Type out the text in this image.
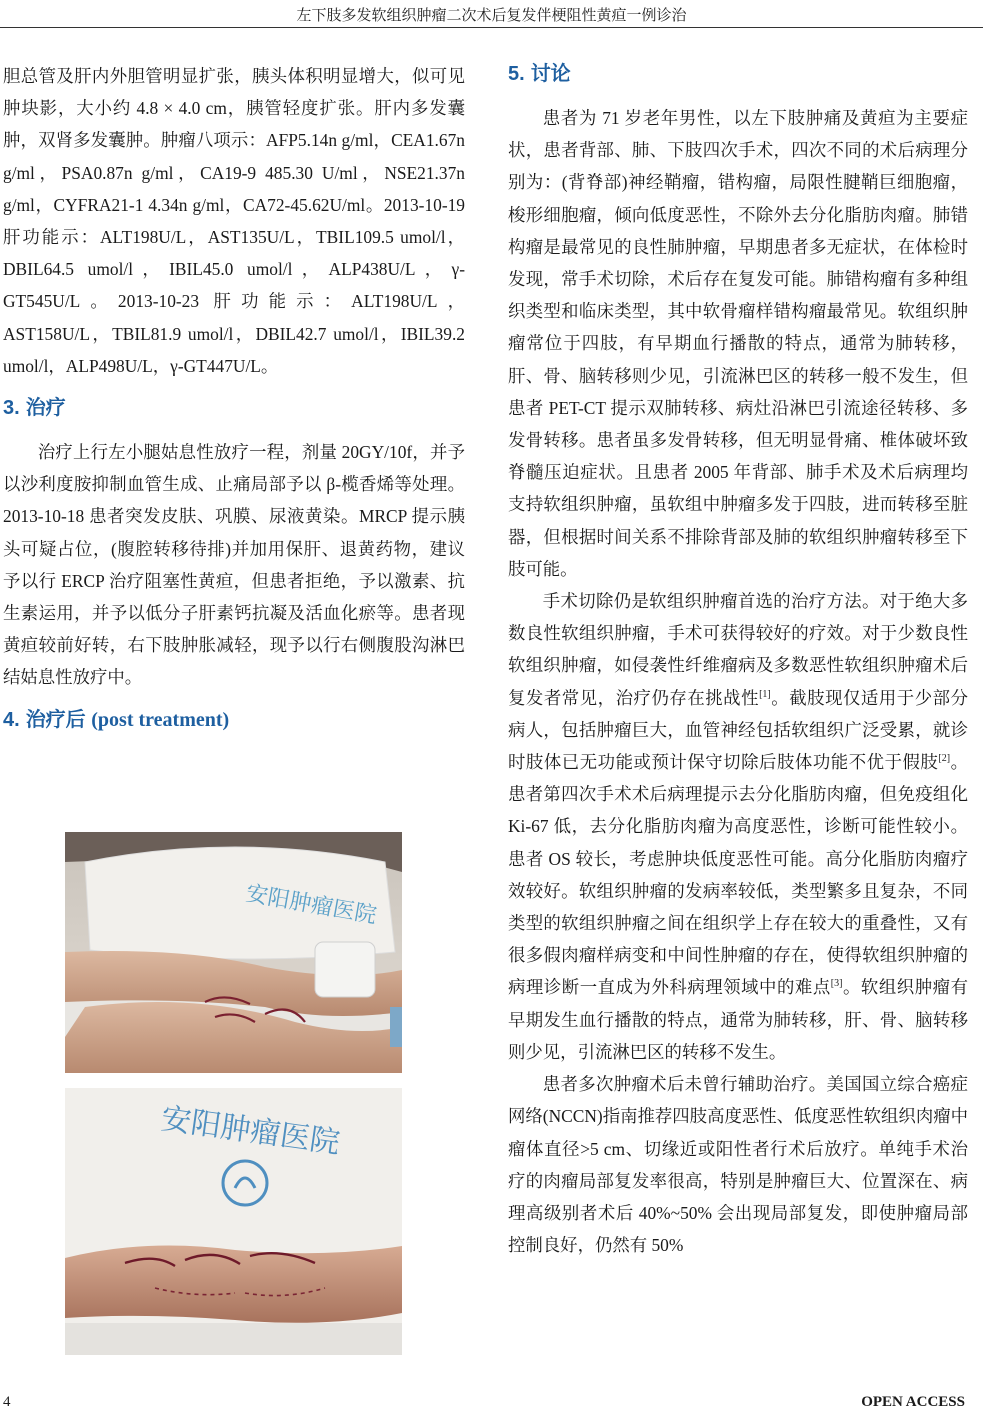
左下肢多发软组织肿瘤二次术后复发伴梗阻性黄疸一例诊治

胆总管及肝内外胆管明显扩张，胰头体积明显增大，似可见肿块影，大小约 4.8 × 4.0 cm，胰管轻度扩张。肝内多发囊肿，双肾多发囊肿。肿瘤八项示：AFP5.14n g/ml，CEA1.67n g/ml，PSA0.87n g/ml，CA19-9 485.30 U/ml，NSE21.37n g/ml，CYFRA21-1 4.34n g/ml，CA72-45.62U/ml。2013-10-19 肝功能示：ALT198U/L，AST135U/L，TBIL109.5 umol/l，DBIL64.5 umol/l，IBIL45.0 umol/l，ALP438U/L，γ-GT545U/L。2013-10-23 肝功能示：ALT198U/L，AST158U/L，TBIL81.9 umol/l，DBIL42.7 umol/l，IBIL39.2 umol/l，ALP498U/L，γ-GT447U/L。

3. 治疗

治疗上行左小腿姑息性放疗一程，剂量 20GY/10f，并予以沙利度胺抑制血管生成、止痛局部予以 β-榄香烯等处理。2013-10-18 患者突发皮肤、巩膜、尿液黄染。MRCP 提示胰头可疑占位，(腹腔转移待排)并加用保肝、退黄药物，建议予以行 ERCP 治疗阻塞性黄疸，但患者拒绝，予以激素、抗生素运用，并予以低分子肝素钙抗凝及活血化瘀等。患者现黄疸较前好转，右下肢肿胀减轻，现予以行右侧腹股沟淋巴结姑息性放疗中。

4. 治疗后 (post treatment)
安阳肿瘤医院
安阳肿瘤医院
5. 讨论

患者为 71 岁老年男性，以左下肢肿痛及黄疸为主要症状，患者背部、肺、下肢四次手术，四次不同的术后病理分别为：(背脊部)神经鞘瘤，错构瘤，局限性腱鞘巨细胞瘤，梭形细胞瘤，倾向低度恶性，不除外去分化脂肪肉瘤。肺错构瘤是最常见的良性肺肿瘤，早期患者多无症状，在体检时发现，常手术切除，术后存在复发可能。肺错构瘤有多种组织类型和临床类型，其中软骨瘤样错构瘤最常见。软组织肿瘤常位于四肢，有早期血行播散的特点，通常为肺转移，肝、骨、脑转移则少见，引流淋巴区的转移一般不发生，但患者 PET-CT 提示双肺转移、病灶沿淋巴引流途径转移、多发骨转移。患者虽多发骨转移，但无明显骨痛、椎体破坏致脊髓压迫症状。且患者 2005 年背部、肺手术及术后病理均支持软组织肿瘤，虽软组中肿瘤多发于四肢，进而转移至脏器，但根据时间关系不排除背部及肺的软组织肿瘤转移至下肢可能。

手术切除仍是软组织肿瘤首选的治疗方法。对于绝大多数良性软组织肿瘤，手术可获得较好的疗效。对于少数良性软组织肿瘤，如侵袭性纤维瘤病及多数恶性软组织肿瘤术后复发者常见，治疗仍存在挑战性[1]。截肢现仅适用于少部分病人，包括肿瘤巨大，血管神经包括软组织广泛受累，就诊时肢体已无功能或预计保守切除后肢体功能不优于假肢[2]。患者第四次手术术后病理提示去分化脂肪肉瘤，但免疫组化 Ki-67 低，去分化脂肪肉瘤为高度恶性，诊断可能性较小。患者 OS 较长，考虑肿块低度恶性可能。高分化脂肪肉瘤疗效较好。软组织肿瘤的发病率较低，类型繁多且复杂，不同类型的软组织肿瘤之间在组织学上存在较大的重叠性，又有很多假肉瘤样病变和中间性肿瘤的存在，使得软组织肿瘤的病理诊断一直成为外科病理领域中的难点[3]。软组织肿瘤有早期发生血行播散的特点，通常为肺转移，肝、骨、脑转移则少见，引流淋巴区的转移不发生。

患者多次肿瘤术后未曾行辅助治疗。美国国立综合癌症网络(NCCN)指南推荐四肢高度恶性、低度恶性软组织肉瘤中瘤体直径>5 cm、切缘近或阳性者行术后放疗。单纯手术治疗的肉瘤局部复发率很高，特别是肿瘤巨大、位置深在、病理高级别者术后 40%~50% 会出现局部复发，即使肿瘤局部控制良好，仍然有 50%

4	OPEN ACCESS
